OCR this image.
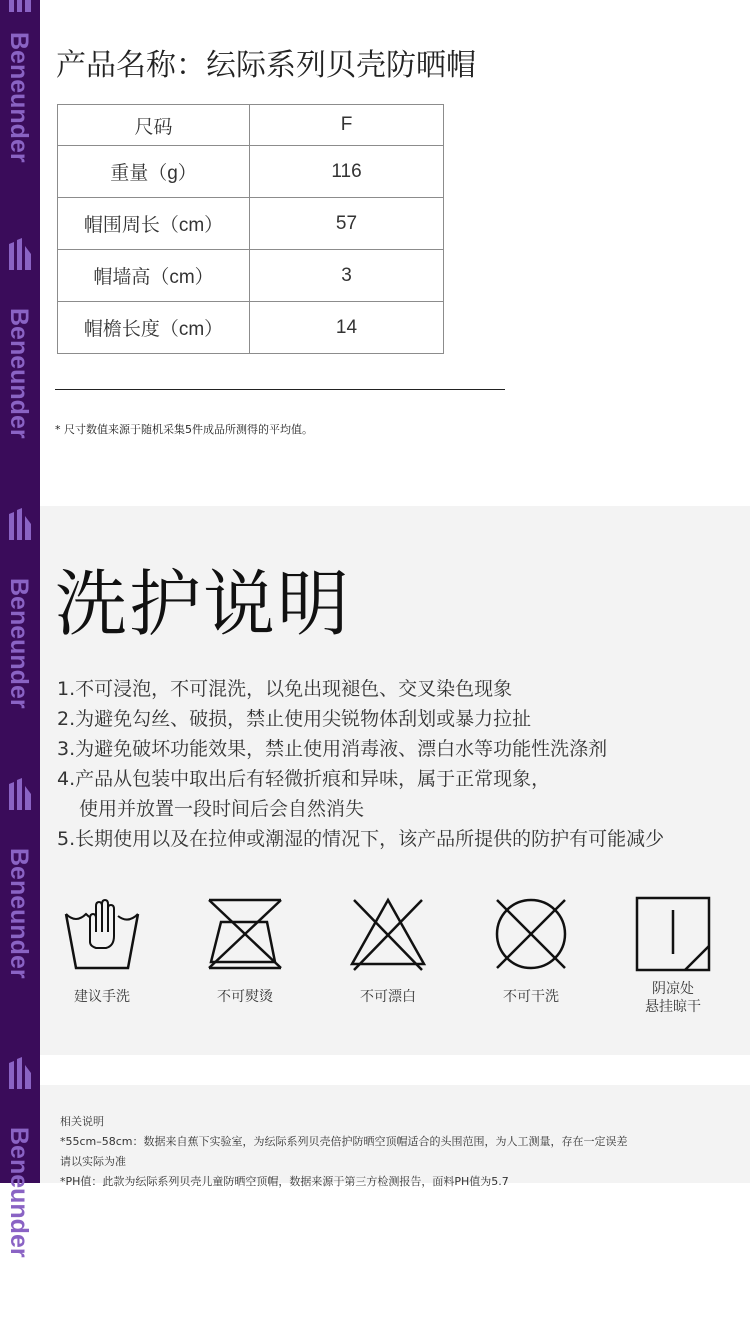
Beneunder
Beneunder
Beneunder
Beneunder
Beneunder
产品名称：纭际系列贝壳防晒帽
尺码	F
重量（g）	116
帽围周长（cm）	57
帽墙高（cm）	3
帽檐长度（cm）	14
* 尺寸数值来源于随机采集5件成品所测得的平均值。
洗护说明
1.不可浸泡，不可混洗，以免出现褪色、交叉染色现象
2.为避免勾丝、破损，禁止使用尖锐物体刮划或暴力拉扯
3.为避免破坏功能效果，禁止使用消毒液、漂白水等功能性洗涤剂
4.产品从包装中取出后有轻微折痕和异味，属于正常现象，
使用并放置一段时间后会自然消失
5.长期使用以及在拉伸或潮湿的情况下，该产品所提供的防护有可能减少
建议手洗	不可熨烫	不可漂白	不可干洗	阴凉处
悬挂晾干
相关说明
*55cm–58cm：数据来自蕉下实验室，为纭际系列贝壳倍护防晒空顶帽适合的头围范围，为人工测量，存在一定误差
请以实际为准
*PH值：此款为纭际系列贝壳儿童防晒空顶帽，数据来源于第三方检测报告，面料PH值为5.7
